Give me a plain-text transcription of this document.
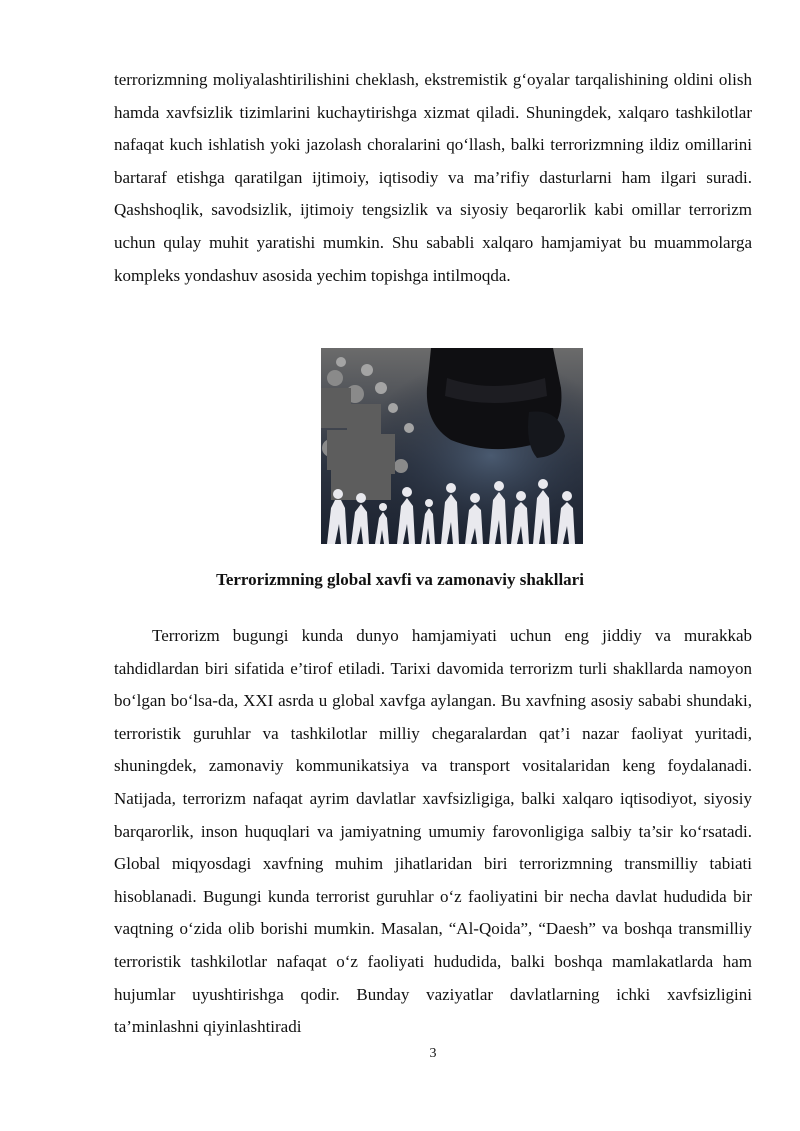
terrorizmning moliyalashtirilishini cheklash, ekstremistik g‘oyalar tarqalishining oldini olish hamda xavfsizlik tizimlarini kuchaytirishga xizmat qiladi. Shuningdek, xalqaro tashkilotlar nafaqat kuch ishlatish yoki jazolash choralarini qo‘llash, balki terrorizmning ildiz omillarini bartaraf etishga qaratilgan ijtimoiy, iqtisodiy va ma’rifiy dasturlarni ham ilgari suradi. Qashshoqlik, savodsizlik, ijtimoiy tengsizlik va siyosiy beqarorlik kabi omillar terrorizm uchun qulay muhit yaratishi mumkin. Shu sababli xalqaro hamjamiyat bu muammolarga kompleks yondashuv asosida yechim topishga intilmoqda.

Terrorizmning global xavfi va zamonaviy shakllari

Terrorizm bugungi kunda dunyo hamjamiyati uchun eng jiddiy va murakkab tahdidlardan biri sifatida e’tirof etiladi. Tarixi davomida terrorizm turli shakllarda namoyon bo‘lgan bo‘lsa-da, XXI asrda u global xavfga aylangan. Bu xavfning asosiy sababi shundaki, terroristik guruhlar va tashkilotlar milliy chegaralardan qat’i nazar faoliyat yuritadi, shuningdek, zamonaviy kommunikatsiya va transport vositalaridan keng foydalanadi. Natijada, terrorizm nafaqat ayrim davlatlar xavfsizligiga, balki xalqaro iqtisodiyot, siyosiy barqarorlik, inson huquqlari va jamiyatning umumiy farovonligiga salbiy ta’sir ko‘rsatadi. Global miqyosdagi xavfning muhim jihatlaridan biri terrorizmning transmilliy tabiati hisoblanadi. Bugungi kunda terrorist guruhlar o‘z faoliyatini bir necha davlat hududida bir vaqtning o‘zida olib borishi mumkin. Masalan, “Al-Qoida”, “Daesh” va boshqa transmilliy terroristik tashkilotlar nafaqat o‘z faoliyati hududida, balki boshqa mamlakatlarda ham hujumlar uyushtirishga qodir. Bunday vaziyatlar davlatlarning ichki xavfsizligini ta’minlashni qiyinlashtiradi

3
